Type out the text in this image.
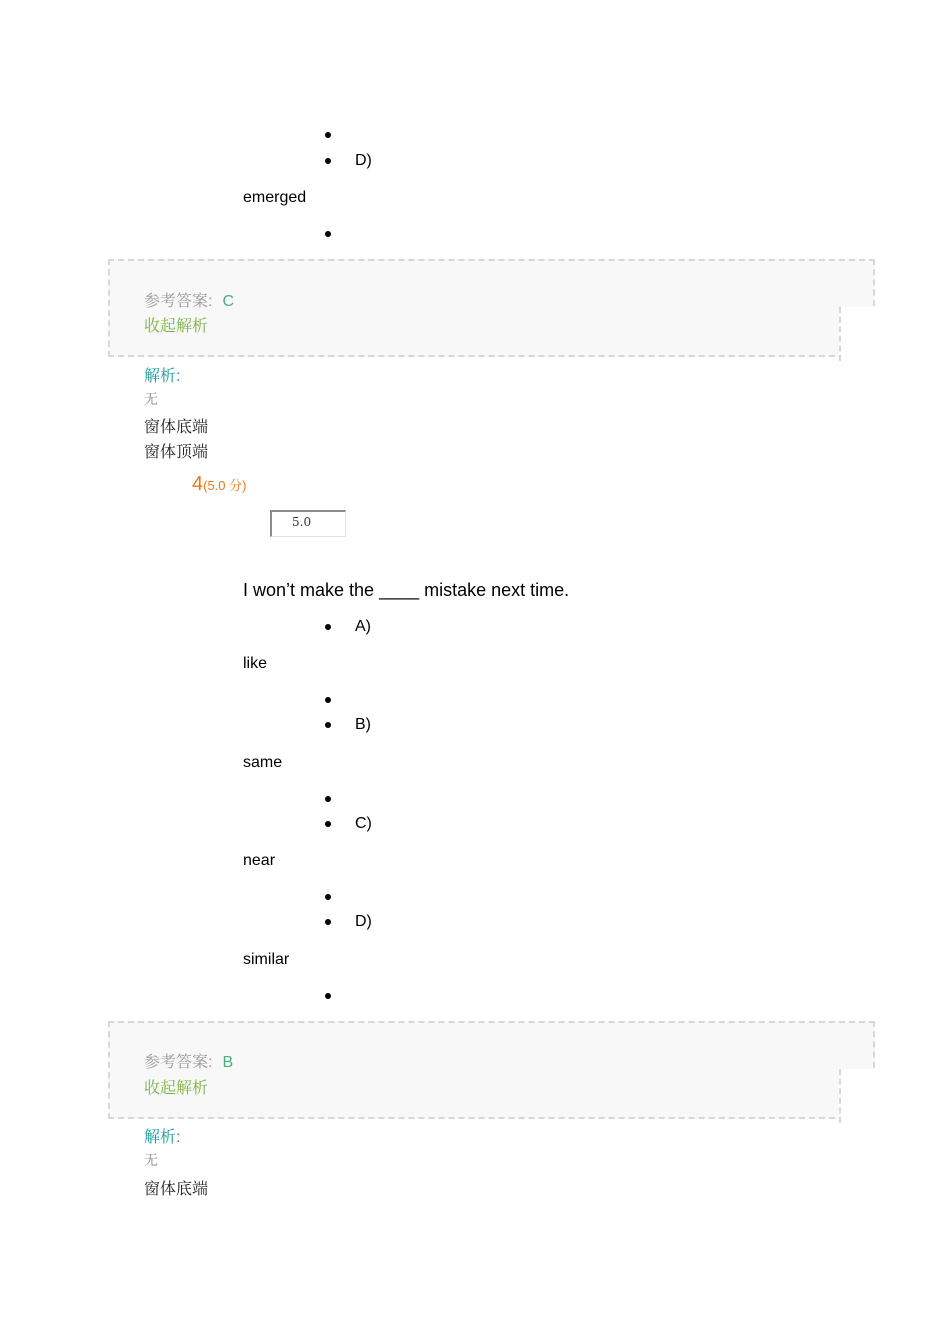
D)
emerged
参考答案: C
收起解析
解析:
无
窗体底端
窗体顶端
4(5.0 分)
5.0
I won’t make the ____ mistake next time.
A)
like
B)
same
C)
near
D)
similar
参考答案: B
收起解析
解析:
无
窗体底端
